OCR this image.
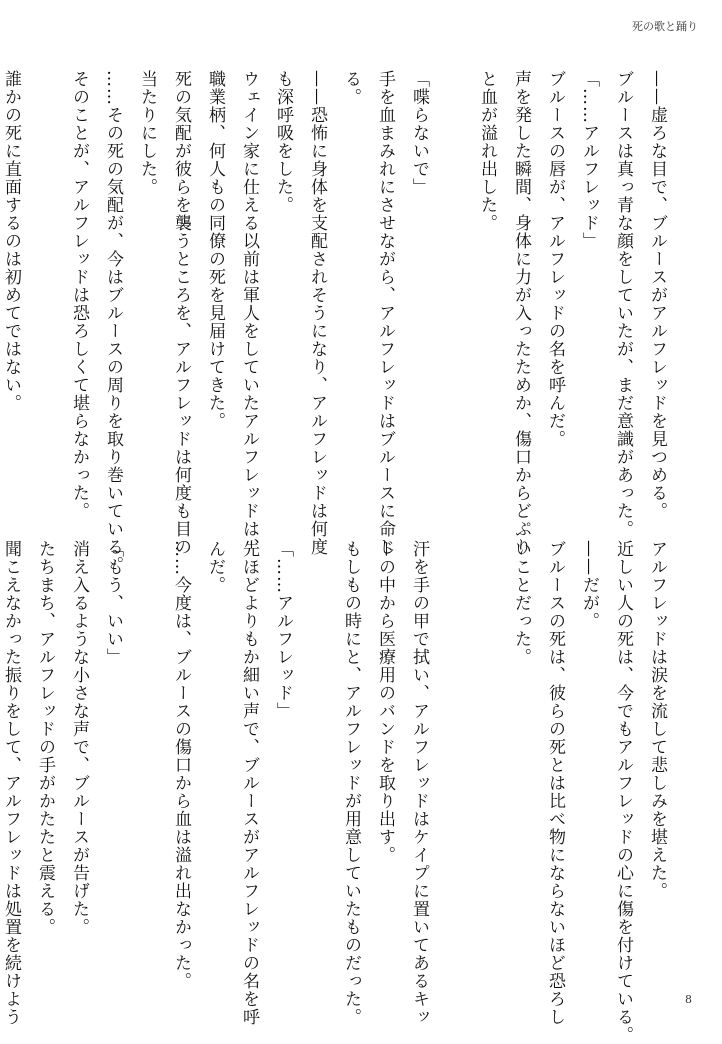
死の歌と踊り
——虚ろな目で、ブルースがアルフレッドを見つめる。
ブルースは真っ青な顔をしていたが、まだ意識があった。
「……アルフレッド」
ブルースの唇が、アルフレッドの名を呼んだ。
声を発した瞬間、身体に力が入ったためか、傷口からどぷり
と血が溢れ出した。

「喋らないで」
手を血まみれにさせながら、アルフレッドはブルースに命じ
る。
——恐怖に身体を支配されそうになり、アルフレッドは何度
も深呼吸をした。
ウェイン家に仕える以前は軍人をしていたアルフレッドは、
職業柄、何人もの同僚の死を見届けてきた。
死の気配が彼らを襲うところを、アルフレッドは何度も目の
当たりにした。
……その死の気配が、今はブルースの周りを取り巻いている。
そのことが、アルフレッドは恐ろしくて堪らなかった。

誰かの死に直面するのは初めてではない。
アルフレッドは涙を流して悲しみを堪えた。
近しい人の死は、今でもアルフレッドの心に傷を付けている。
——だが。
ブルースの死は、彼らの死とは比べ物にならないほど恐ろし
いことだった。

汗を手の甲で拭い、アルフレッドはケイプに置いてあるキッ
トの中から医療用のバンドを取り出す。
もしもの時にと、アルフレッドが用意していたものだった。

「……アルフレッド」
先ほどよりもか細い声で、ブルースがアルフレッドの名を呼
んだ。
……今度は、ブルースの傷口から血は溢れ出なかった。

「もう、いい」
消え入るような小さな声で、ブルースが告げた。
たちまち、アルフレッドの手がかたたと震える。
聞こえなかった振りをして、アルフレッドは処置を続けよう	8
